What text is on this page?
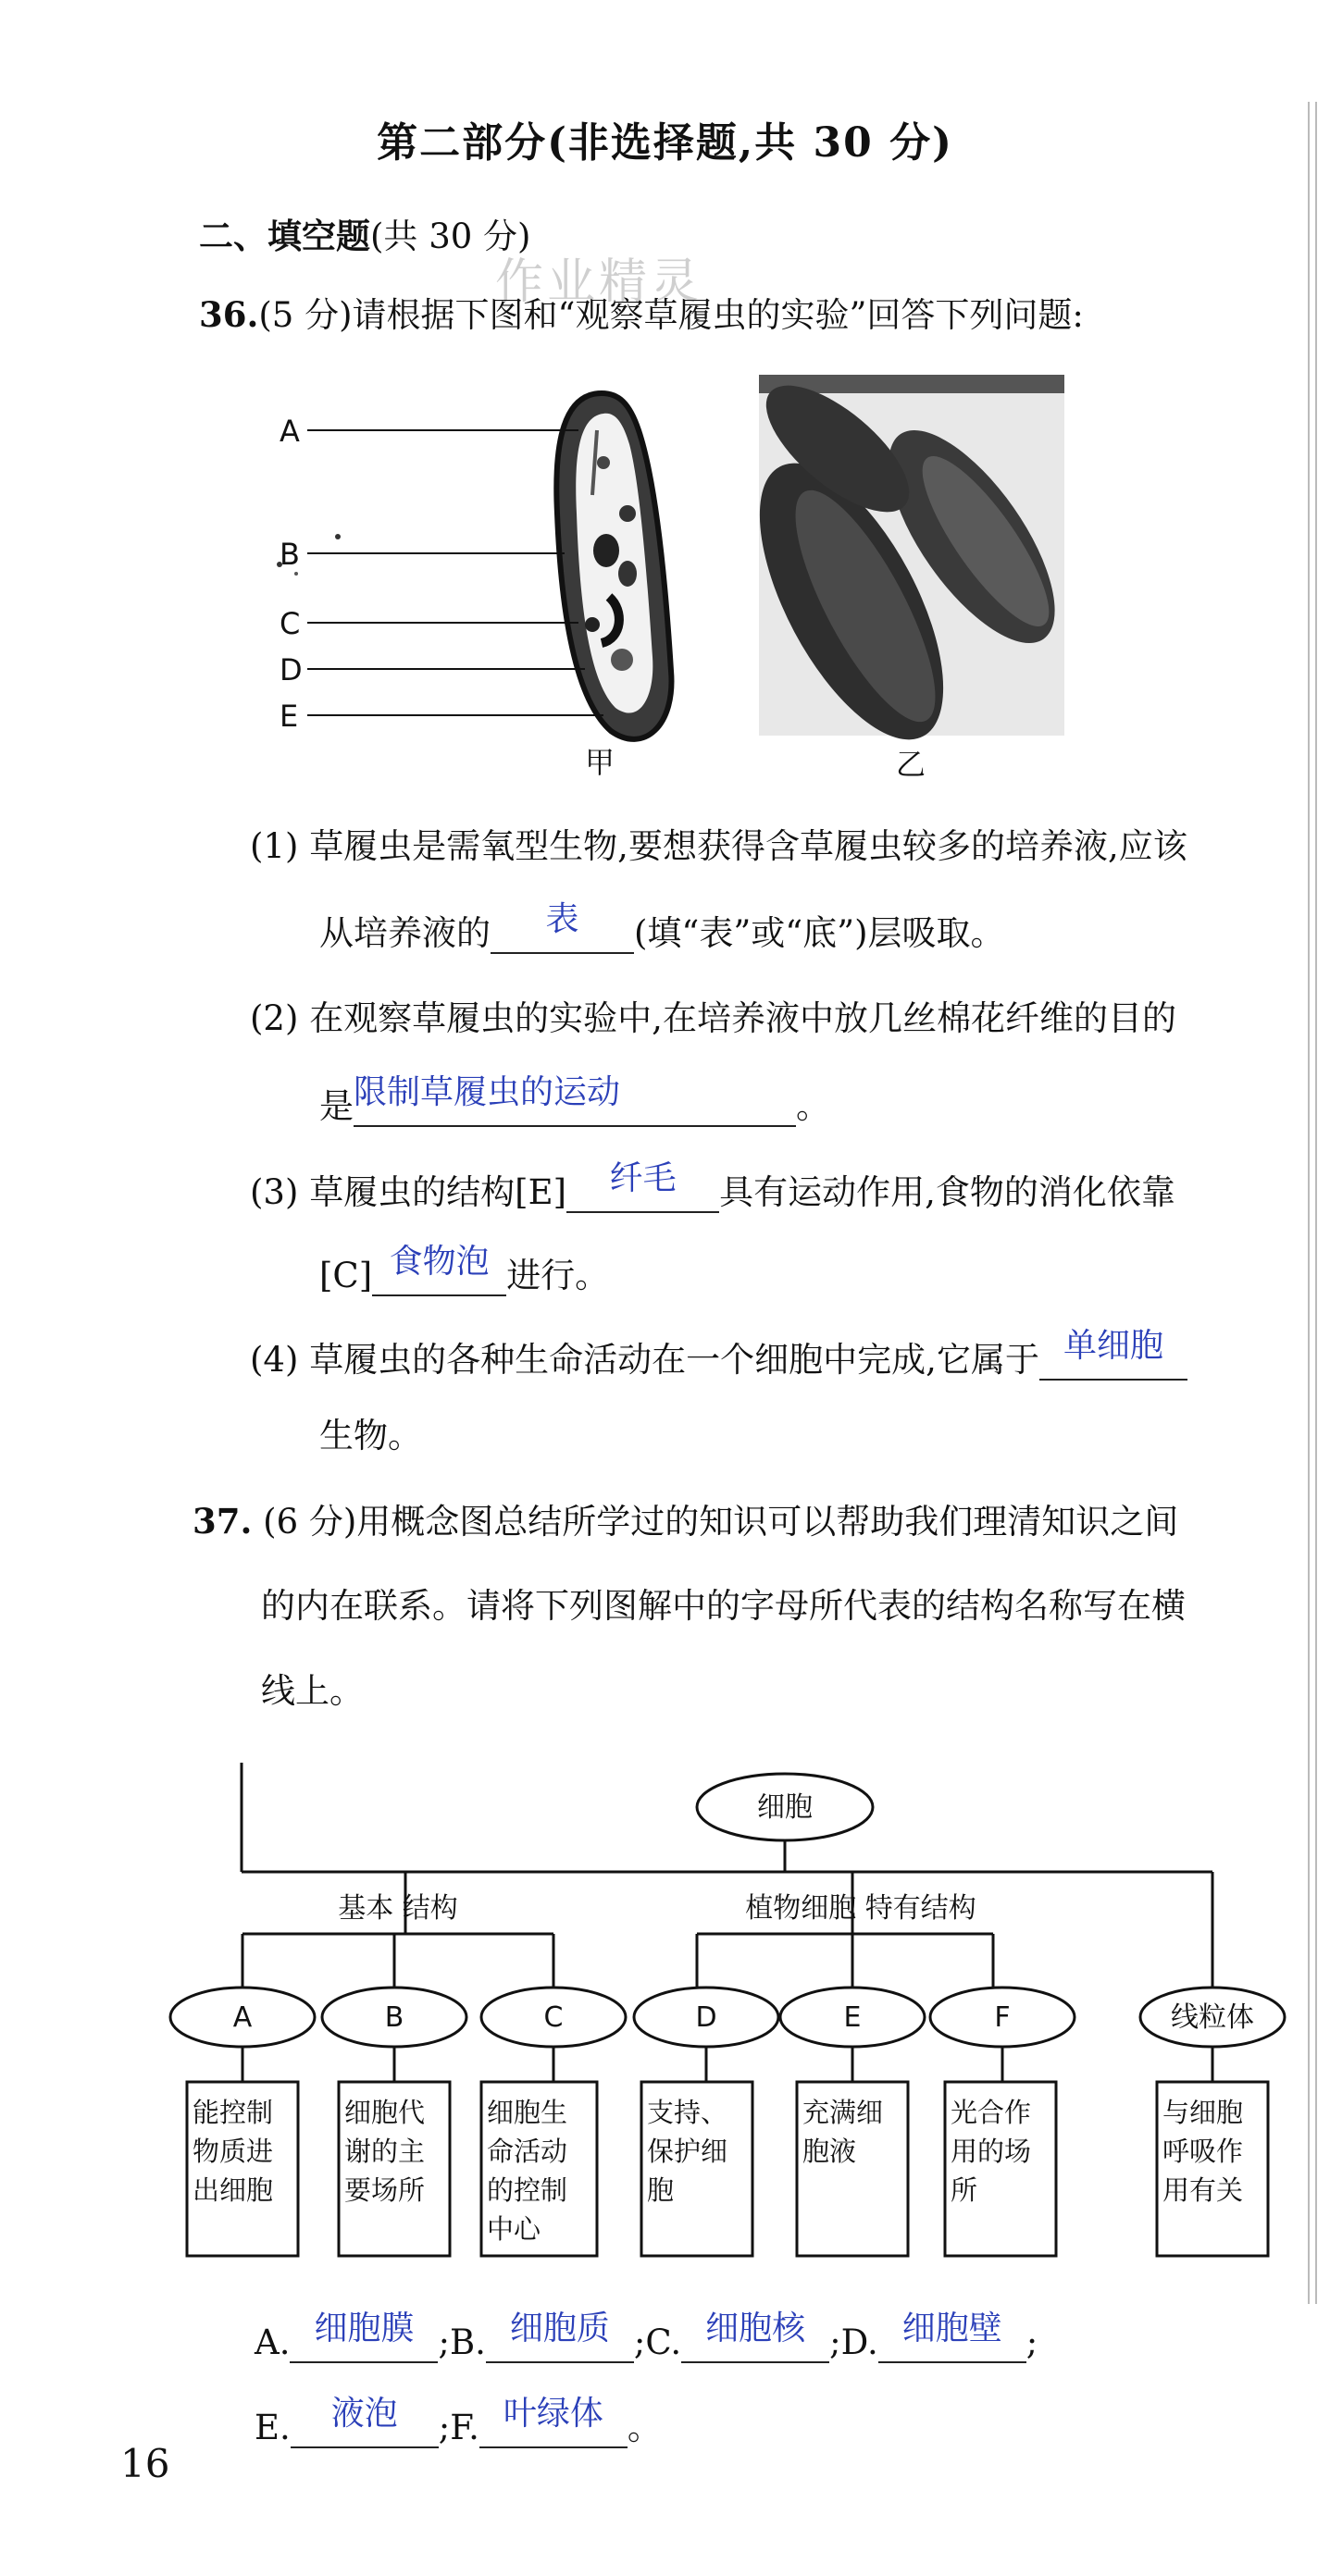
第二部分(非选择题,共 30 分)
二、填空题(共 30 分)
作业精灵
36.(5 分)请根据下图和“观察草履虫的实验”回答下列问题:
A
B
C
D
E
甲	乙
(1) 草履虫是需氧型生物,要想获得含草履虫较多的培养液,应该
从培养液的 表 (填“表”或“底”)层吸取。
(2) 在观察草履虫的实验中,在培养液中放几丝棉花纤维的目的
是限制草履虫的运动	。
(3) 草履虫的结构[E] 纤毛 具有运动作用,食物的消化依靠
[C] 食物泡 进行。
(4) 草履虫的各种生命活动在一个细胞中完成,它属于 单细胞
生物。
37. (6 分)用概念图总结所学过的知识可以帮助我们理清知识之间
的内在联系。请将下列图解中的字母所代表的结构名称写在横
线上。
细胞
基本 结构	植物细胞 特有结构
A	B	C	D	E	F	线粒体
能控制
物质进
出细胞
细胞代
谢的主
要场所
细胞生
命活动
的控制
中心
支持、
保护细
胞
充满细
胞液
光合作
用的场
所
与细胞
呼吸作
用有关
A. 细胞膜 ;B. 细胞质 ;C. 细胞核 ;D. 细胞壁 ;
E. 液泡 ;F. 叶绿体 。
16
